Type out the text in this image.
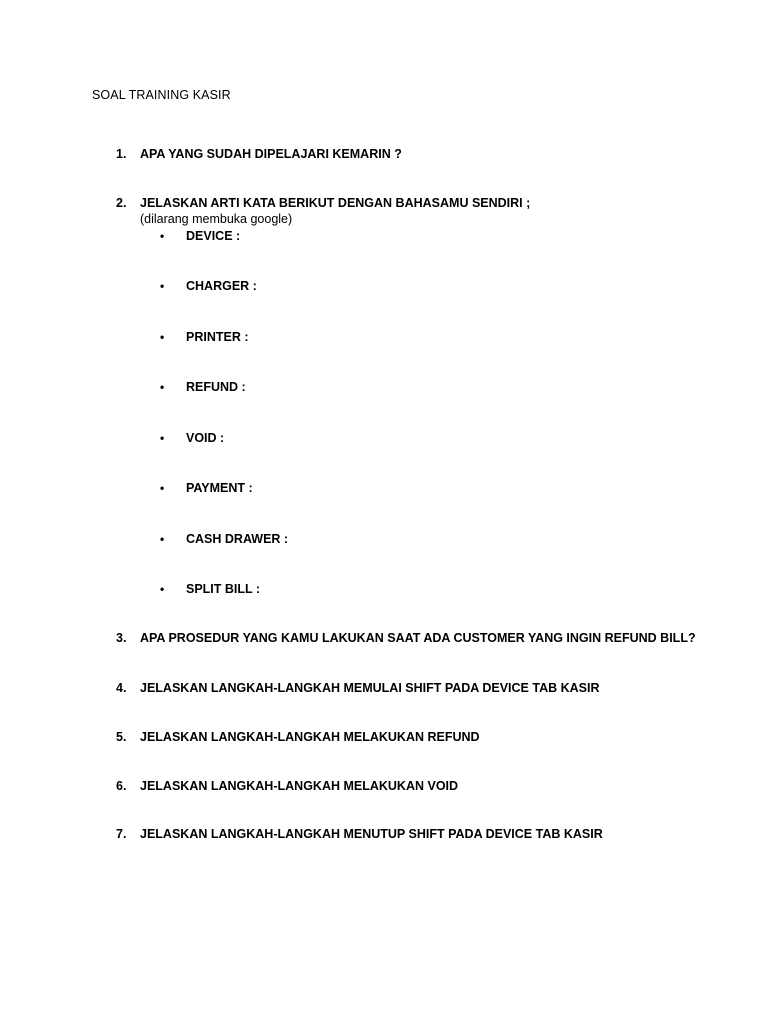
SOAL TRAINING KASIR
1. APA YANG SUDAH DIPELAJARI KEMARIN ?
2. JELASKAN ARTI KATA BERIKUT DENGAN BAHASAMU SENDIRI ;
(dilarang membuka google)
• DEVICE :
• CHARGER :
• PRINTER :
• REFUND :
• VOID :
• PAYMENT :
• CASH DRAWER :
• SPLIT BILL :
3. APA PROSEDUR YANG KAMU LAKUKAN SAAT ADA CUSTOMER YANG INGIN REFUND BILL?
4. JELASKAN LANGKAH-LANGKAH MEMULAI SHIFT PADA DEVICE TAB KASIR
5. JELASKAN LANGKAH-LANGKAH MELAKUKAN REFUND
6. JELASKAN LANGKAH-LANGKAH MELAKUKAN VOID
7. JELASKAN LANGKAH-LANGKAH MENUTUP SHIFT PADA DEVICE TAB KASIR
